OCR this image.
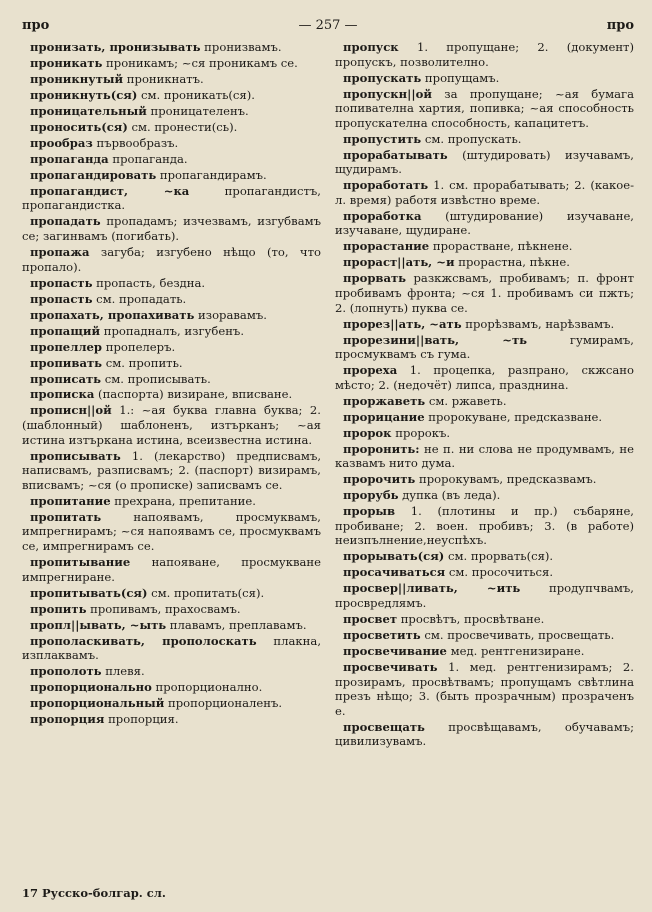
про	— 257 —	про

пронизать, пронизывать пронизвамъ.

проникать проникамъ; ~ся проникамъ се.

проникнутый проникнатъ.

проникнуть(ся) см. проникать(ся).

проницательный проницателенъ.

проносить(ся) см. пронести(сь).

прообраз първообразъ.

пропаганда пропаганда.

пропагандировать пропагандирамъ.

пропагандист, ~ка пропагандистъ, пропагандистка.

пропадать пропадамъ; изчезвамъ, изгубвамъ се; загинвамъ (погибать).

пропажа загуба; изгубено нѣщо (то, что пропало).

пропасть пропасть, бездна.

пропасть см. пропадать.

пропахать, пропахивать изоравамъ.

пропащий пропадналъ, изгубенъ.

пропеллер пропелеръ.

пропивать см. пропить.

прописать см. прописывать.

прописка (паспорта) визиране, вписване.

прописн||ой 1.: ~ая буква главна буква; 2. (шаблонный) шаблоненъ, изтърканъ; ~ая истина изтъркана истина, всеизвестна истина.

прописывать 1. (лекарство) предписвамъ, написвамъ, разписвамъ; 2. (паспорт) визирамъ, вписвамъ; ~ся (о прописке) записвамъ се.

пропитание прехрана, препитание.

пропитать напоявамъ, просмуквамъ, импрегнирамъ; ~ся напоявамъ се, просмуквамъ се, импрегнирамъ се.

пропитывание напояване, просмукване импрегниране.

пропитывать(ся) см. пропитать(ся).

пропить пропивамъ, прахосвамъ.

пропл||ывать, ~ыть плавамъ, преплавамъ.

прополаскивать, прополоскать плакна, изплаквамъ.

прополоть плевя.

пропорционально пропорционално.

пропорциональный пропорционаленъ.

пропорция пропорция.

пропуск 1. пропущане; 2. (документ) пропускъ, позволително.

пропускать пропущамъ.

пропускн||ой за пропущане; ~ая бумага попивателна хартия, попивка; ~ая способность пропускателна способность, капацитетъ.

пропустить см. пропускать.

прорабатывать (штудировать) изучавамъ, щудирамъ.

проработать 1. см. прорабатывать; 2. (какое-л. время) работя извѣстно време.

проработка (штудирование) изучаване, изучаване, щудиране.

прорастание прорастване, пѣкнене.

прораст||ать, ~и прорастна, пѣкне.

прорвать разкжсвамъ, пробивамъ; п. фронт пробивамъ фронта; ~ся 1. пробивамъ си пжть; 2. (лопнуть) пуква се.

прорез||ать, ~ать прорѣзвамъ, нарѣзвамъ.

прорезини||вать, ~ть гумирамъ, просмуквамъ съ гума.

прореха 1. процепка, разпрано, скжсано мѣсто; 2. (недочёт) липса, празднина.

проржаветь см. ржаветь.

прорицание пророкуване, предсказване.

пророк пророкъ.

проронить: не п. ни слова не продумвамъ, не казвамъ нито дума.

пророчить пророкувамъ, предсказвамъ.

прорубь дупка (въ леда).

прорыв 1. (плотины и пр.) събаряне, пробиване; 2. воен. пробивъ; 3. (в работе) неизпълнение,неуспѣхъ.

прорывать(ся) см. прорвать(ся).

просачиваться см. просочиться.

просвер||ливать, ~ить продупчвамъ, просвредлямъ.

просвет просвѣтъ, просвѣтване.

просветить см. просвечивать, просвещать.

просвечивание мед. рентгенизиране.

просвечивать 1. мед. рентгенизирамъ; 2. прозирамъ, просвѣтвамъ; пропущамъ свѣтлина презъ нѣщо; 3. (быть прозрачным) прозраченъ е.

просвещать просвѣщавамъ, обучавамъ; цивилизувамъ.

17 Русско-болгар. сл.
